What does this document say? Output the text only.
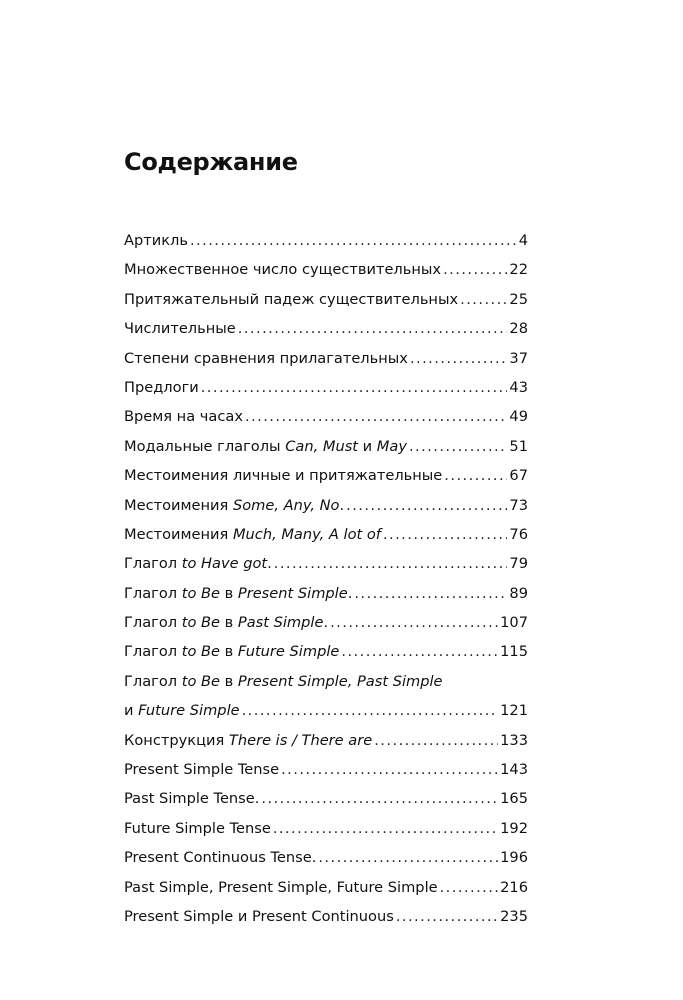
Содержание
Артикль . . .	4
Множественное число существительных . . .	22
Притяжательный падеж существительных . . .	25
Числительные . . .	28
Степени сравнения прилагательных . . .	37
Предлоги . . .	43
Время на часах . . .	49
Модальные глаголы Can, Must и May . . .	51
Местоимения личные и притяжательные . . .	67
Местоимения Some, Any, No. . . .	73
Местоимения Much, Many, A lot of . . .	76
Глагол to Have got. . . .	79
Глагол to Be в Present Simple. . . .	89
Глагол to Be в Past Simple. . . .	107
Глагол to Be в Future Simple . . .	115
Глагол to Be в Present Simple, Past Simple
и Future Simple . . .	121
Конструкция There is / There are . . .	133
Present Simple Tense . . .	143
Past Simple Tense. . . .	165
Future Simple Tense . . .	192
Present Continuous Tense. . . .	196
Past Simple, Present Simple, Future Simple . . .	216
Present Simple и Present Continuous . . .	235
